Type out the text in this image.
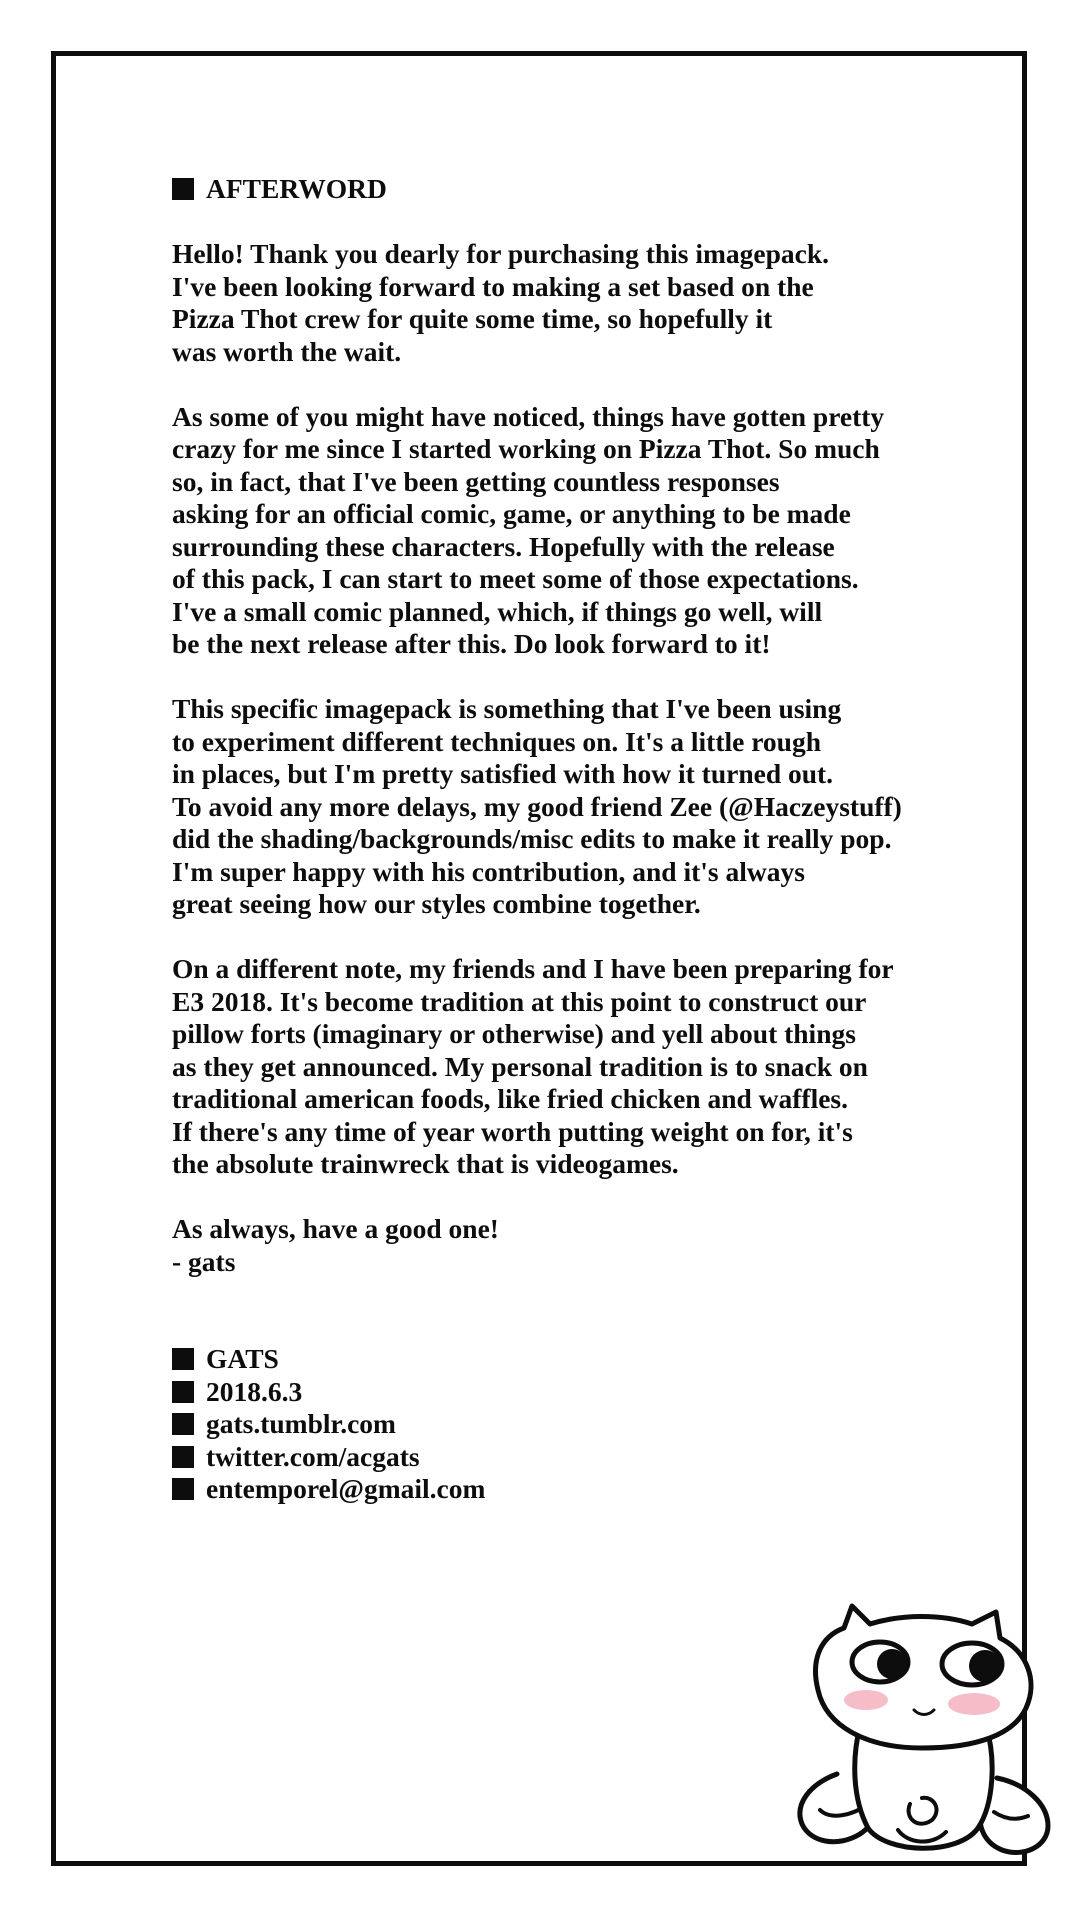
AFTERWORD

Hello! Thank you dearly for purchasing this imagepack.
I've been looking forward to making a set based on the
Pizza Thot crew for quite some time, so hopefully it
was worth the wait.

As some of you might have noticed, things have gotten pretty
crazy for me since I started working on Pizza Thot. So much
so, in fact, that I've been getting countless responses
asking for an official comic, game, or anything to be made
surrounding these characters. Hopefully with the release
of this pack, I can start to meet some of those expectations.
I've a small comic planned, which, if things go well, will
be the next release after this. Do look forward to it!

This specific imagepack is something that I've been using
to experiment different techniques on. It's a little rough
in places, but I'm pretty satisfied with how it turned out.
To avoid any more delays, my good friend Zee (@Haczeystuff)
did the shading/backgrounds/misc edits to make it really pop.
I'm super happy with his contribution, and it's always
great seeing how our styles combine together.

On a different note, my friends and I have been preparing for
E3 2018. It's become tradition at this point to construct our
pillow forts (imaginary or otherwise) and yell about things
as they get announced. My personal tradition is to snack on
traditional american foods, like fried chicken and waffles.
If there's any time of year worth putting weight on for, it's
the absolute trainwreck that is videogames.

As always, have a good one!
- gats

GATS
2018.6.3
gats.tumblr.com
twitter.com/acgats
entemporel@gmail.com
